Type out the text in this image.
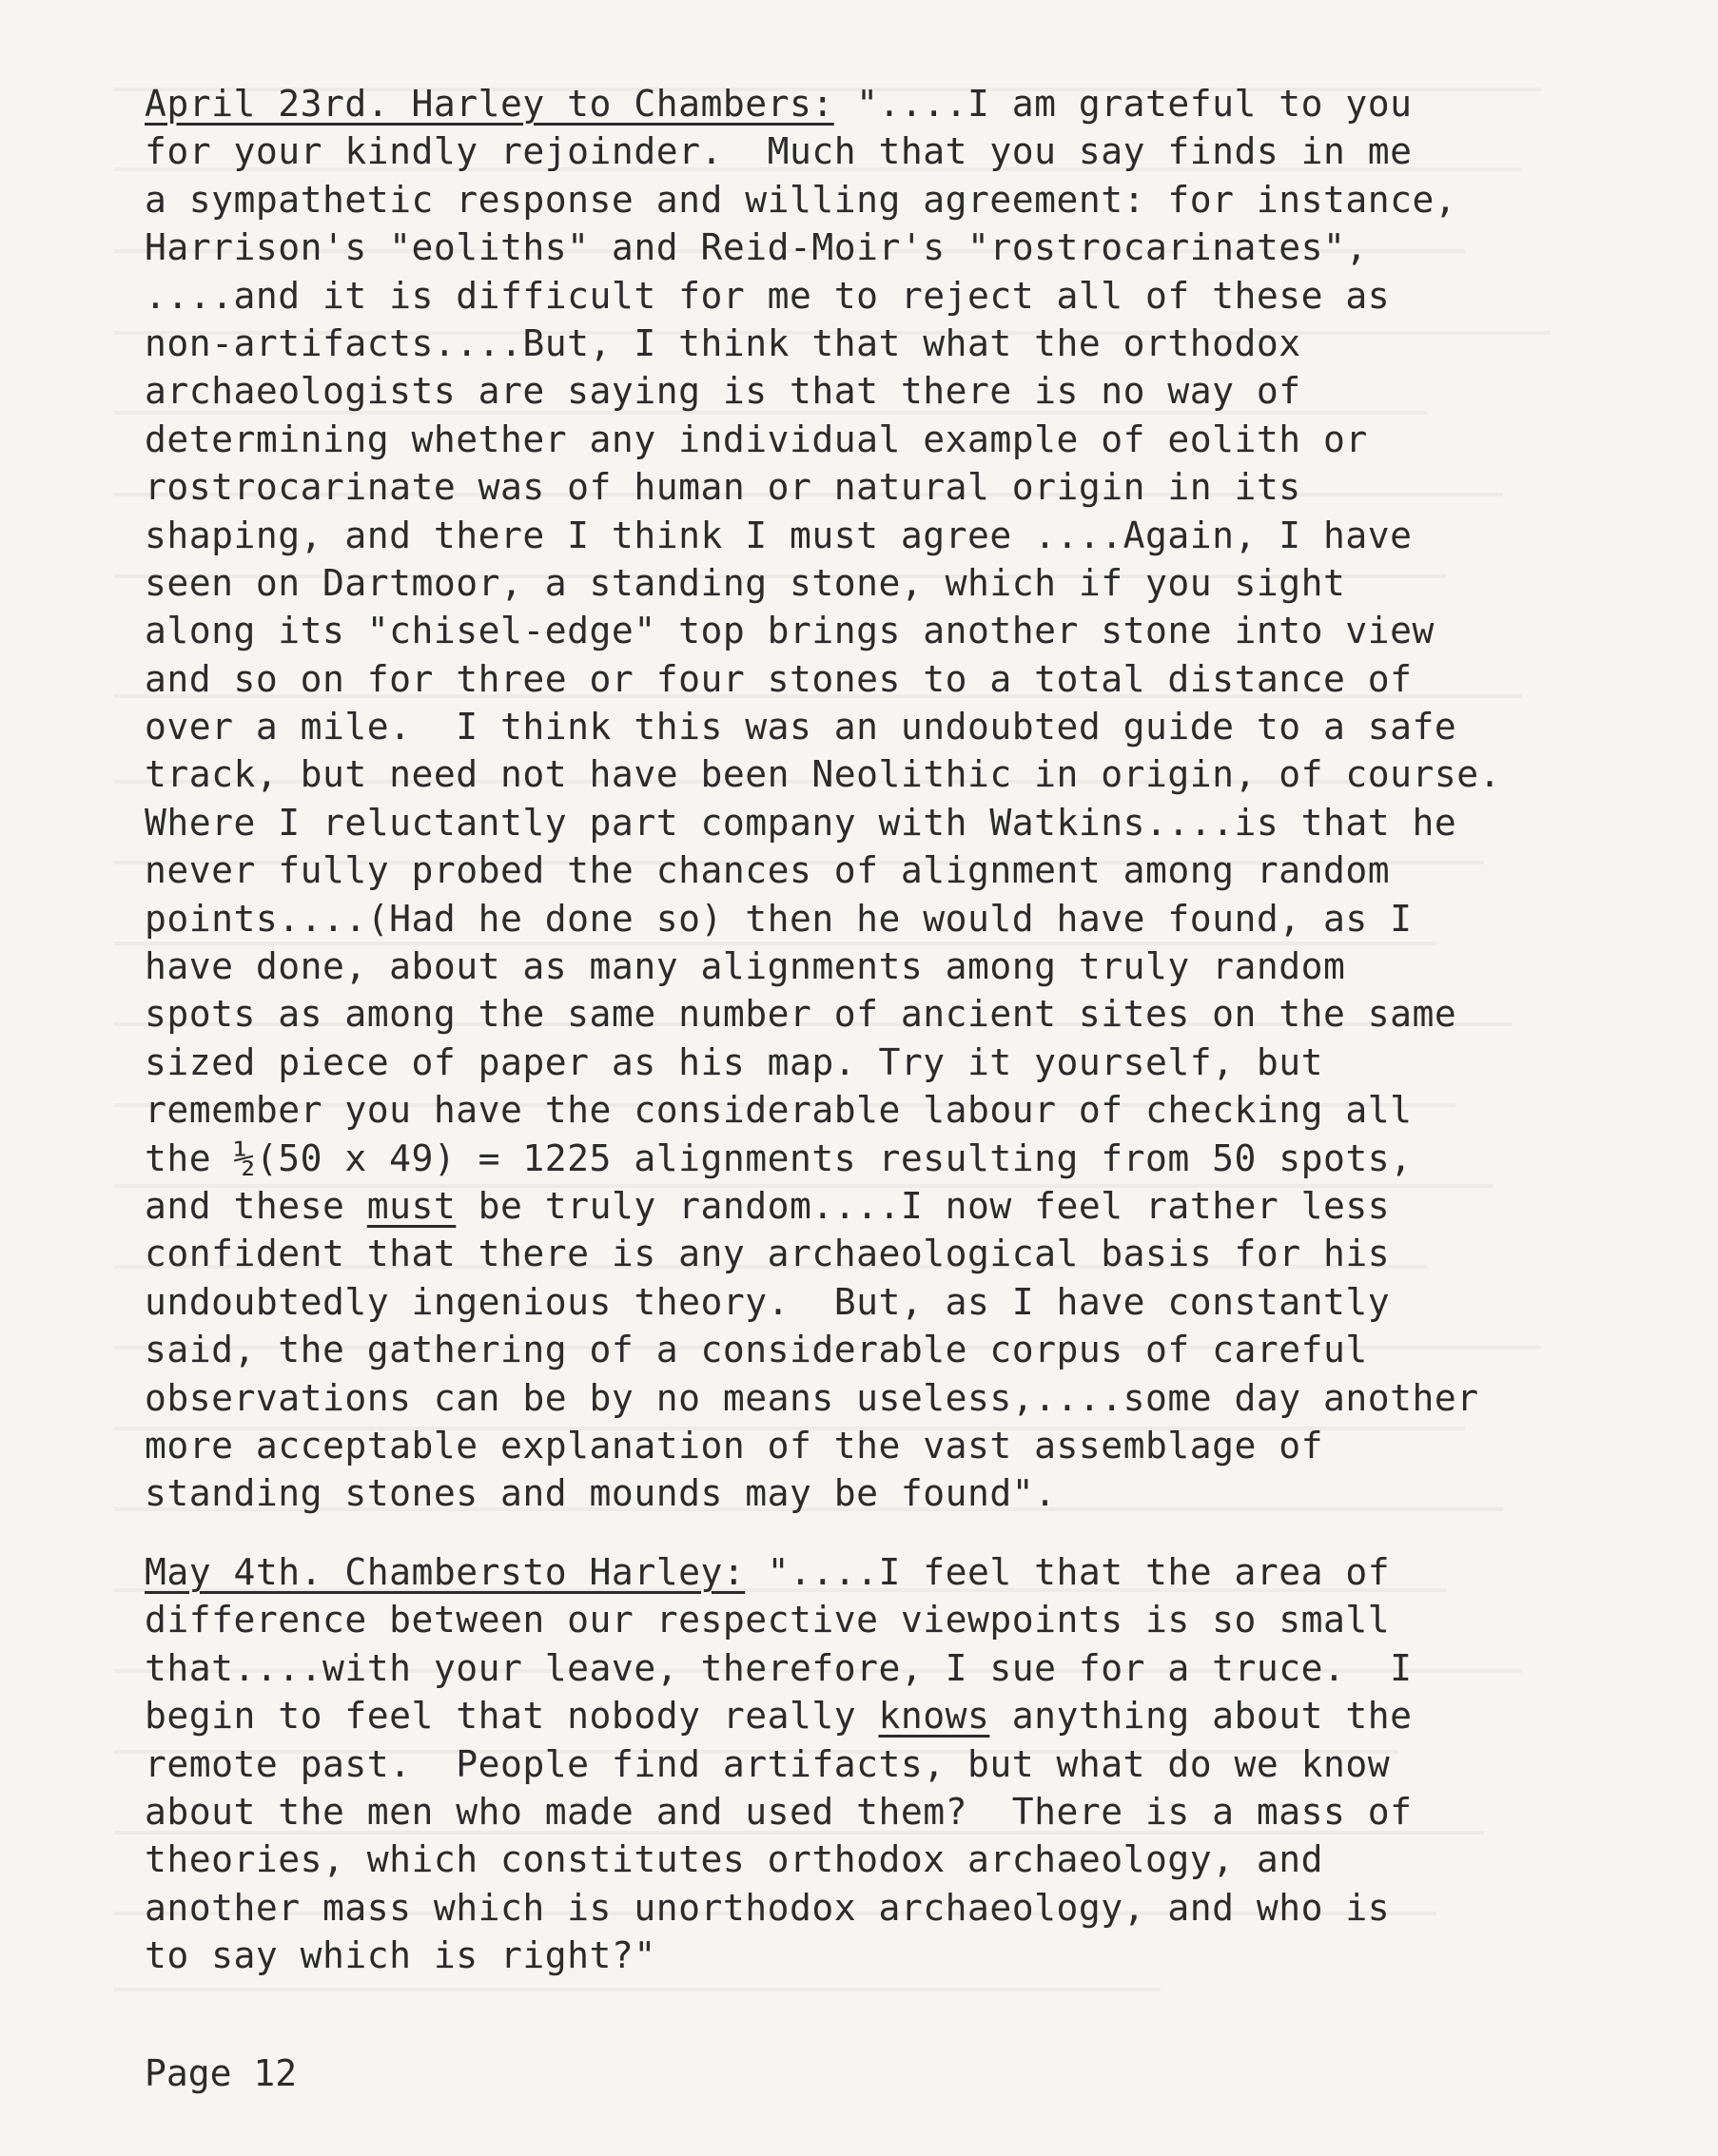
April 23rd. Harley to Chambers: "....I am grateful to you
for your kindly rejoinder.  Much that you say finds in me
a sympathetic response and willing agreement: for instance,
Harrison's "eoliths" and Reid-Moir's "rostrocarinates",
....and it is difficult for me to reject all of these as
non-artifacts....But, I think that what the orthodox
archaeologists are saying is that there is no way of
determining whether any individual example of eolith or
rostrocarinate was of human or natural origin in its
shaping, and there I think I must agree ....Again, I have
seen on Dartmoor, a standing stone, which if you sight
along its "chisel-edge" top brings another stone into view
and so on for three or four stones to a total distance of
over a mile.  I think this was an undoubted guide to a safe
track, but need not have been Neolithic in origin, of course.
Where I reluctantly part company with Watkins....is that he
never fully probed the chances of alignment among random
points....(Had he done so) then he would have found, as I
have done, about as many alignments among truly random
spots as among the same number of ancient sites on the same
sized piece of paper as his map. Try it yourself, but
remember you have the considerable labour of checking all
the ½(50 x 49) = 1225 alignments resulting from 50 spots,
and these must be truly random....I now feel rather less
confident that there is any archaeological basis for his
undoubtedly ingenious theory.  But, as I have constantly
said, the gathering of a considerable corpus of careful
observations can be by no means useless,....some day another
more acceptable explanation of the vast assemblage of
standing stones and mounds may be found".
May 4th. Chambersto Harley: "....I feel that the area of
difference between our respective viewpoints is so small
that....with your leave, therefore, I sue for a truce.  I
begin to feel that nobody really knows anything about the
remote past.  People find artifacts, but what do we know
about the men who made and used them?  There is a mass of
theories, which constitutes orthodox archaeology, and
another mass which is unorthodox archaeology, and who is
to say which is right?"
Page 12
